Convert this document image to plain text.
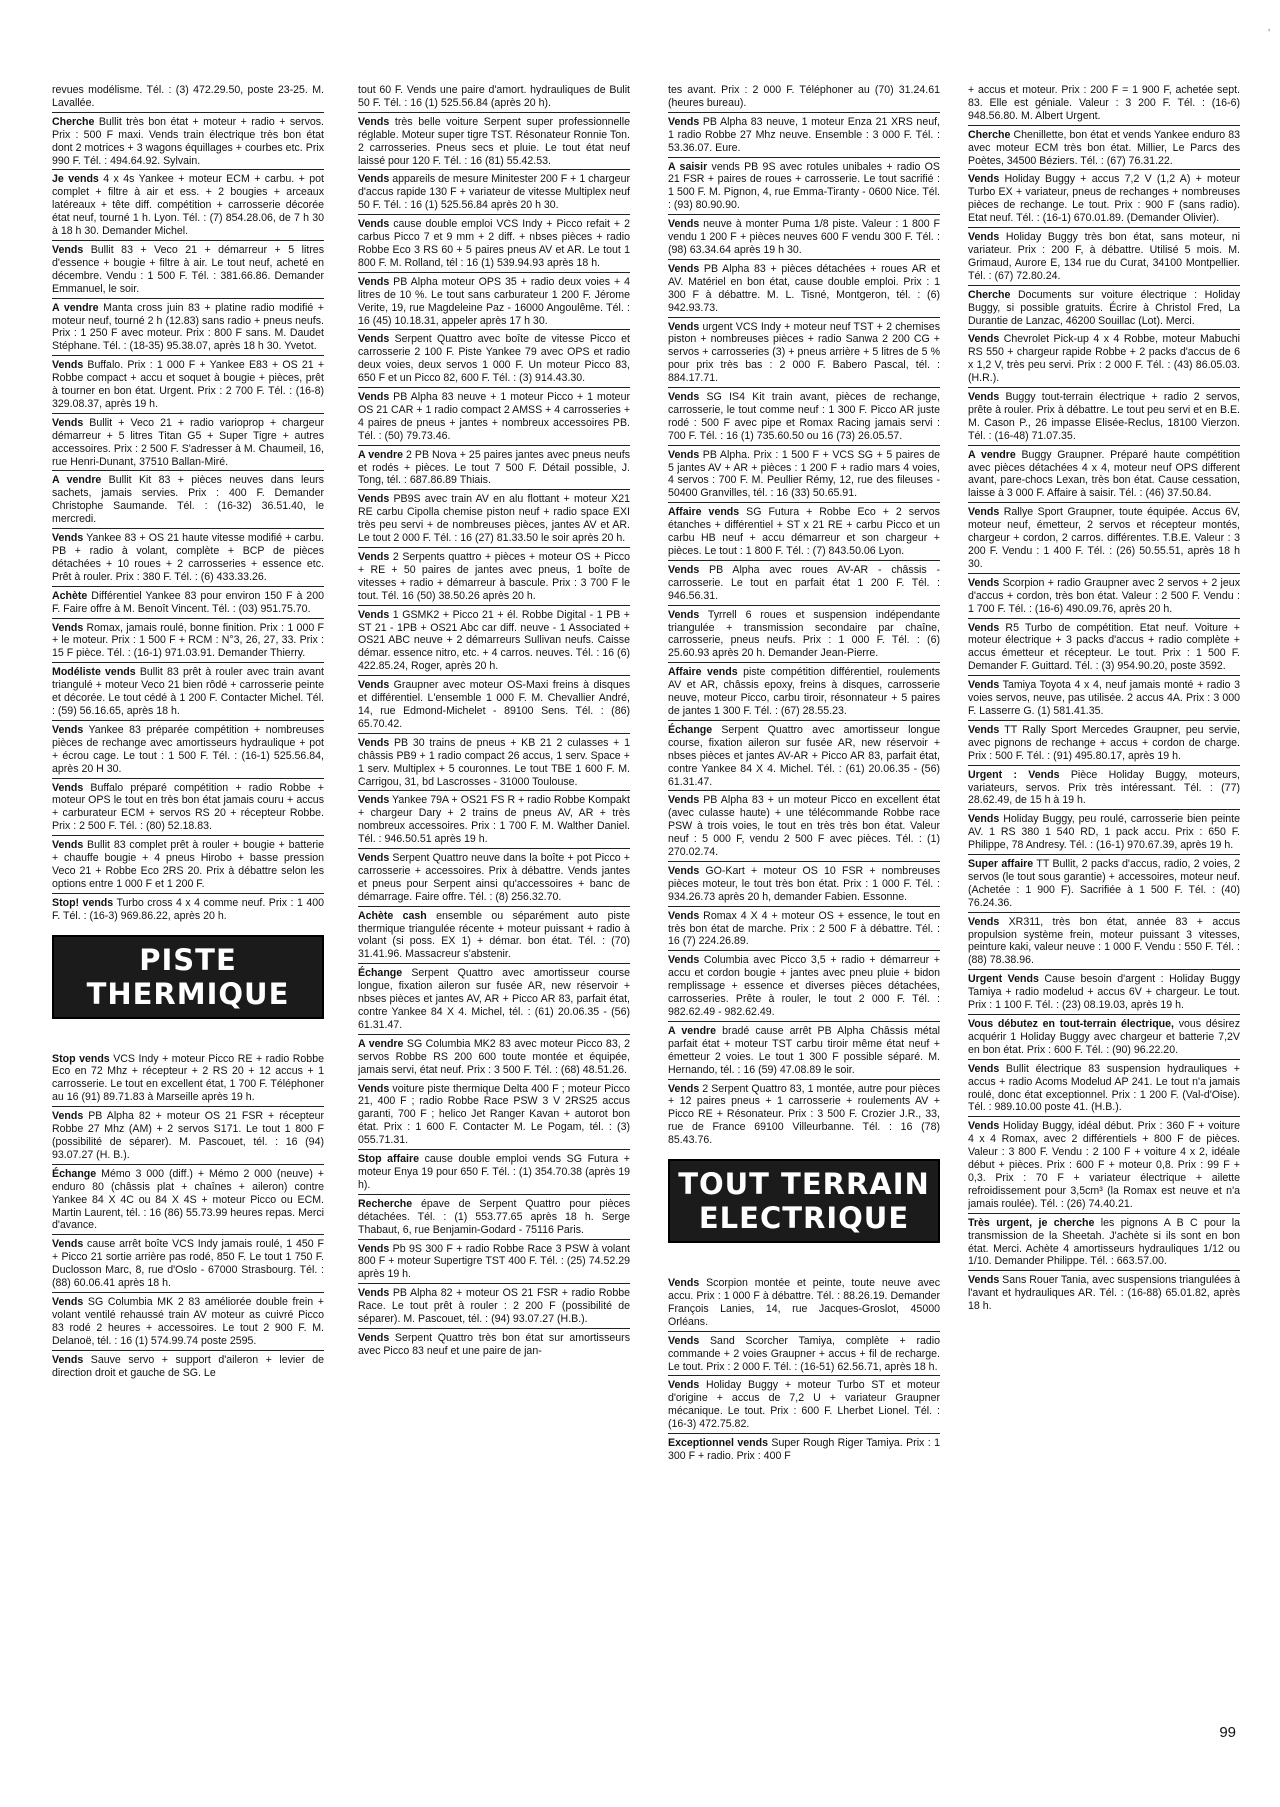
'
revues modélisme. Tél. : (3) 472.29.50, poste 23-25. M. Lavallée.
Cherche Bullit très bon état + moteur + radio + servos. Prix : 500 F maxi. Vends train électrique très bon état dont 2 motrices + 3 wagons équillages + courbes etc. Prix 990 F. Tél. : 494.64.92. Sylvain.
Je vends 4 x 4s Yankee + moteur ECM + carbu. + pot complet + filtre à air et ess. + 2 bougies + arceaux latéreaux + tête diff. compétition + carrosserie décorée état neuf, tourné 1 h. Lyon. Tél. : (7) 854.28.06, de 7 h 30 à 18 h 30. Demander Michel.
Vends Bullit 83 + Veco 21 + démarreur + 5 litres d'essence + bougie + filtre à air. Le tout neuf, acheté en décembre. Vendu : 1 500 F. Tél. : 381.66.86. Demander Emmanuel, le soir.
A vendre Manta cross juin 83 + platine radio modifié + moteur neuf, tourné 2 h (12.83) sans radio + pneus neufs. Prix : 1 250 F avec moteur. Prix : 800 F sans. M. Daudet Stéphane. Tél. : (18-35) 95.38.07, après 18 h 30. Yvetot.
Vends Buffalo. Prix : 1 000 F + Yankee E83 + OS 21 + Robbe compact + accu et soquet à bougie + pièces, prêt à tourner en bon état. Urgent. Prix : 2 700 F. Tél. : (16-8) 329.08.37, après 19 h.
Vends Bullit + Veco 21 + radio varioprop + chargeur démarreur + 5 litres Titan G5 + Super Tigre + autres accessoires. Prix : 2 500 F. S'adresser à M. Chaumeil, 16, rue Henri-Dunant, 37510 Ballan-Miré.
A vendre Bullit Kit 83 + pièces neuves dans leurs sachets, jamais servies. Prix : 400 F. Demander Christophe Saumande. Tél. : (16-32) 36.51.40, le mercredi.
Vends Yankee 83 + OS 21 haute vitesse modifié + carbu. PB + radio à volant, complète + BCP de pièces détachées + 10 roues + 2 carrosseries + essence etc. Prêt à rouler. Prix : 380 F. Tél. : (6) 433.33.26.
Achète Différentiel Yankee 83 pour environ 150 F à 200 F. Faire offre à M. Benoît Vincent. Tél. : (03) 951.75.70.
Vends Romax, jamais roulé, bonne finition. Prix : 1 000 F + le moteur. Prix : 1 500 F + RCM : N°3, 26, 27, 33. Prix : 15 F pièce. Tél. : (16-1) 971.03.91. Demander Thierry.
Modéliste vends Bullit 83 prêt à rouler avec train avant triangulé + moteur Veco 21 bien rôdé + carrosserie peinte et décorée. Le tout cédé à 1 200 F. Contacter Michel. Tél. : (59) 56.16.65, après 18 h.
Vends Yankee 83 préparée compétition + nombreuses pièces de rechange avec amortisseurs hydraulique + pot + écrou cage. Le tout : 1 500 F. Tél. : (16-1) 525.56.84, après 20 H 30.
Vends Buffalo préparé compétition + radio Robbe + moteur OPS le tout en très bon état jamais couru + accus + carburateur ECM + servos RS 20 + récepteur Robbe. Prix : 2 500 F. Tél. : (80) 52.18.83.
Vends Bullit 83 complet prêt à rouler + bougie + batterie + chauffe bougie + 4 pneus Hirobo + basse pression Veco 21 + Robbe Eco 2RS 20. Prix à débattre selon les options entre 1 000 F et 1 200 F.
Stop! vends Turbo cross 4 x 4 comme neuf. Prix : 1 400 F. Tél. : (16-3) 969.86.22, après 20 h.
PISTE
THERMIQUE
Stop vends VCS Indy + moteur Picco RE + radio Robbe Eco en 72 Mhz + récepteur + 2 RS 20 + 12 accus + 1 carrosserie. Le tout en excellent état, 1 700 F. Téléphoner au 16 (91) 89.71.83 à Marseille après 19 h.
Vends PB Alpha 82 + moteur OS 21 FSR + récepteur Robbe 27 Mhz (AM) + 2 servos S171. Le tout 1 800 F (possibilité de séparer). M. Pascouet, tél. : 16 (94) 93.07.27 (H. B.).
Échange Mémo 3 000 (diff.) + Mémo 2 000 (neuve) + enduro 80 (châssis plat + chaînes + aileron) contre Yankee 84 X 4C ou 84 X 4S + moteur Picco ou ECM. Martin Laurent, tél. : 16 (86) 55.73.99 heures repas. Merci d'avance.
Vends cause arrêt boîte VCS Indy jamais roulé, 1 450 F + Picco 21 sortie arrière pas rodé, 850 F. Le tout 1 750 F. Duclosson Marc, 8, rue d'Oslo - 67000 Strasbourg. Tél. : (88) 60.06.41 après 18 h.
Vends SG Columbia MK 2 83 améliorée double frein + volant ventilé rehaussé train AV moteur as cuivré Picco 83 rodé 2 heures + accessoires. Le tout 2 900 F. M. Delanoë, tél. : 16 (1) 574.99.74 poste 2595.
Vends Sauve servo + support d'aileron + levier de direction droit et gauche de SG. Le
tout 60 F. Vends une paire d'amort. hydrauliques de Bulit 50 F. Tél. : 16 (1) 525.56.84 (après 20 h).
Vends très belle voiture Serpent super professionnelle réglable. Moteur super tigre TST. Résonateur Ronnie Ton. 2 carrosseries. Pneus secs et pluie. Le tout état neuf laissé pour 120 F. Tél. : 16 (81) 55.42.53.
Vends appareils de mesure Minitester 200 F + 1 chargeur d'accus rapide 130 F + variateur de vitesse Multiplex neuf 50 F. Tél. : 16 (1) 525.56.84 après 20 h 30.
Vends cause double emploi VCS Indy + Picco refait + 2 carbus Picco 7 et 9 mm + 2 diff. + nbses pièces + radio Robbe Eco 3 RS 60 + 5 paires pneus AV et AR. Le tout 1 800 F. M. Rolland, tél : 16 (1) 539.94.93 après 18 h.
Vends PB Alpha moteur OPS 35 + radio deux voies + 4 litres de 10 %. Le tout sans carburateur 1 200 F. Jérome Verite, 19, rue Magdeleine Paz - 16000 Angoulême. Tél. : 16 (45) 10.18.31, appeler après 17 h 30.
Vends Serpent Quattro avec boîte de vitesse Picco et carrosserie 2 100 F. Piste Yankee 79 avec OPS et radio deux voies, deux servos 1 000 F. Un moteur Picco 83, 650 F et un Picco 82, 600 F. Tél. : (3) 914.43.30.
Vends PB Alpha 83 neuve + 1 moteur Picco + 1 moteur OS 21 CAR + 1 radio compact 2 AMSS + 4 carrosseries + 4 paires de pneus + jantes + nombreux accessoires PB. Tél. : (50) 79.73.46.
A vendre 2 PB Nova + 25 paires jantes avec pneus neufs et rodés + pièces. Le tout 7 500 F. Détail possible, J. Tong, tél. : 687.86.89 Thiais.
Vends PB9S avec train AV en alu flottant + moteur X21 RE carbu Cipolla chemise piston neuf + radio space EXI très peu servi + de nombreuses pièces, jantes AV et AR. Le tout 2 000 F. Tél. : 16 (27) 81.33.50 le soir après 20 h.
Vends 2 Serpents quattro + pièces + moteur OS + Picco + RE + 50 paires de jantes avec pneus, 1 boîte de vitesses + radio + démarreur à bascule. Prix : 3 700 F le tout. Tél. 16 (50) 38.50.26 après 20 h.
Vends 1 GSMK2 + Picco 21 + él. Robbe Digital - 1 PB + ST 21 - 1PB + OS21 Abc car diff. neuve - 1 Associated + OS21 ABC neuve + 2 démarreurs Sullivan neufs. Caisse démar. essence nitro, etc. + 4 carros. neuves. Tél. : 16 (6) 422.85.24, Roger, après 20 h.
Vends Graupner avec moteur OS-Maxi freins à disques et différentiel. L'ensemble 1 000 F. M. Chevallier André, 14, rue Edmond-Michelet - 89100 Sens. Tél. : (86) 65.70.42.
Vends PB 30 trains de pneus + KB 21 2 culasses + 1 châssis PB9 + 1 radio compact 26 accus, 1 serv. Space + 1 serv. Multiplex + 5 couronnes. Le tout TBE 1 600 F. M. Carrigou, 31, bd Lascrosses - 31000 Toulouse.
Vends Yankee 79A + OS21 FS R + radio Robbe Kompakt + chargeur Dary + 2 trains de pneus AV, AR + très nombreux accessoires. Prix : 1 700 F. M. Walther Daniel. Tél. : 946.50.51 après 19 h.
Vends Serpent Quattro neuve dans la boîte + pot Picco + carrosserie + accessoires. Prix à débattre. Vends jantes et pneus pour Serpent ainsi qu'accessoires + banc de démarrage. Faire offre. Tél. : (8) 256.32.70.
Achète cash ensemble ou séparément auto piste thermique triangulée récente + moteur puissant + radio à volant (si poss. EX 1) + démar. bon état. Tél. : (70) 31.41.96. Massacreur s'abstenir.
Échange Serpent Quattro avec amortisseur course longue, fixation aileron sur fusée AR, new réservoir + nbses pièces et jantes AV, AR + Picco AR 83, parfait état, contre Yankee 84 X 4. Michel, tél. : (61) 20.06.35 - (56) 61.31.47.
A vendre SG Columbia MK2 83 avec moteur Picco 83, 2 servos Robbe RS 200 600 toute montée et équipée, jamais servi, état neuf. Prix : 3 500 F. Tél. : (68) 48.51.26.
Vends voiture piste thermique Delta 400 F ; moteur Picco 21, 400 F ; radio Robbe Race PSW 3 V 2RS25 accus garanti, 700 F ; helico Jet Ranger Kavan + autorot bon état. Prix : 1 600 F. Contacter M. Le Pogam, tél. : (3) 055.71.31.
Stop affaire cause double emploi vends SG Futura + moteur Enya 19 pour 650 F. Tél. : (1) 354.70.38 (après 19 h).
Recherche épave de Serpent Quattro pour pièces détachées. Tél. : (1) 553.77.65 après 18 h. Serge Thabaut, 6, rue Benjamin-Godard - 75116 Paris.
Vends Pb 9S 300 F + radio Robbe Race 3 PSW à volant 800 F + moteur Supertigre TST 400 F. Tél. : (25) 74.52.29 après 19 h.
Vends PB Alpha 82 + moteur OS 21 FSR + radio Robbe Race. Le tout prêt à rouler : 2 200 F (possibilité de séparer). M. Pascouet, tél. : (94) 93.07.27 (H.B.).
Vends Serpent Quattro très bon état sur amortisseurs avec Picco 83 neuf et une paire de jan-
tes avant. Prix : 2 000 F. Téléphoner au (70) 31.24.61 (heures bureau).
Vends PB Alpha 83 neuve, 1 moteur Enza 21 XRS neuf, 1 radio Robbe 27 Mhz neuve. Ensemble : 3 000 F. Tél. : 53.36.07. Eure.
A saisir vends PB 9S avec rotules unibales + radio OS 21 FSR + paires de roues + carrosserie. Le tout sacrifié : 1 500 F. M. Pignon, 4, rue Emma-Tiranty - 0600 Nice. Tél. : (93) 80.90.90.
Vends neuve à monter Puma 1/8 piste. Valeur : 1 800 F vendu 1 200 F + pièces neuves 600 F vendu 300 F. Tél. : (98) 63.34.64 après 19 h 30.
Vends PB Alpha 83 + pièces détachées + roues AR et AV. Matériel en bon état, cause double emploi. Prix : 1 300 F à débattre. M. L. Tisné, Montgeron, tél. : (6) 942.93.73.
Vends urgent VCS Indy + moteur neuf TST + 2 chemises piston + nombreuses pièces + radio Sanwa 2 200 CG + servos + carrosseries (3) + pneus arrière + 5 litres de 5 % pour prix très bas : 2 000 F. Babero Pascal, tél. : 884.17.71.
Vends SG IS4 Kit train avant, pièces de rechange, carrosserie, le tout comme neuf : 1 300 F. Picco AR juste rodé : 500 F avec pipe et Romax Racing jamais servi : 700 F. Tél. : 16 (1) 735.60.50 ou 16 (73) 26.05.57.
Vends PB Alpha. Prix : 1 500 F + VCS SG + 5 paires de 5 jantes AV + AR + pièces : 1 200 F + radio mars 4 voies, 4 servos : 700 F. M. Peullier Rémy, 12, rue des fileuses - 50400 Granvilles, tél. : 16 (33) 50.65.91.
Affaire vends SG Futura + Robbe Eco + 2 servos étanches + différentiel + ST x 21 RE + carbu Picco et un carbu HB neuf + accu démarreur et son chargeur + pièces. Le tout : 1 800 F. Tél. : (7) 843.50.06 Lyon.
Vends PB Alpha avec roues AV-AR - châssis - carrosserie. Le tout en parfait état 1 200 F. Tél. : 946.56.31.
Vends Tyrrell 6 roues et suspension indépendante triangulée + transmission secondaire par chaîne, carrosserie, pneus neufs. Prix : 1 000 F. Tél. : (6) 25.60.93 après 20 h. Demander Jean-Pierre.
Affaire vends piste compétition différentiel, roulements AV et AR, châssis epoxy, freins à disques, carrosserie neuve, moteur Picco, carbu tiroir, résonnateur + 5 paires de jantes 1 300 F. Tél. : (67) 28.55.23.
Échange Serpent Quattro avec amortisseur longue course, fixation aileron sur fusée AR, new réservoir + nbses pièces et jantes AV-AR + Picco AR 83, parfait état, contre Yankee 84 X 4. Michel. Tél. : (61) 20.06.35 - (56) 61.31.47.
Vends PB Alpha 83 + un moteur Picco en excellent état (avec culasse haute) + une télécommande Robbe race PSW à trois voies, le tout en très très bon état. Valeur neuf : 5 000 F, vendu 2 500 F avec pièces. Tél. : (1) 270.02.74.
Vends GO-Kart + moteur OS 10 FSR + nombreuses pièces moteur, le tout très bon état. Prix : 1 000 F. Tél. : 934.26.73 après 20 h, demander Fabien. Essonne.
Vends Romax 4 X 4 + moteur OS + essence, le tout en très bon état de marche. Prix : 2 500 F à débattre. Tél. : 16 (7) 224.26.89.
Vends Columbia avec Picco 3,5 + radio + démarreur + accu et cordon bougie + jantes avec pneu pluie + bidon remplissage + essence et diverses pièces détachées, carrosseries. Prête à rouler, le tout 2 000 F. Tél. : 982.62.49 - 982.62.49.
A vendre bradé cause arrêt PB Alpha Châssis métal parfait état + moteur TST carbu tiroir même état neuf + émetteur 2 voies. Le tout 1 300 F possible séparé. M. Hernando, tél. : 16 (59) 47.08.89 le soir.
Vends 2 Serpent Quattro 83, 1 montée, autre pour pièces + 12 paires pneus + 1 carrosserie + roulements AV + Picco RE + Résonateur. Prix : 3 500 F. Crozier J.R., 33, rue de France 69100 Villeurbanne. Tél. : 16 (78) 85.43.76.
TOUT TERRAIN
ELECTRIQUE
Vends Scorpion montée et peinte, toute neuve avec accu. Prix : 1 000 F à débattre. Tél. : 88.26.19. Demander François Lanies, 14, rue Jacques-Groslot, 45000 Orléans.
Vends Sand Scorcher Tamiya, complète + radio commande + 2 voies Graupner + accus + fil de recharge. Le tout. Prix : 2 000 F. Tél. : (16-51) 62.56.71, après 18 h.
Vends Holiday Buggy + moteur Turbo ST et moteur d'origine + accus de 7,2 U + variateur Graupner mécanique. Le tout. Prix : 600 F. Lherbet Lionel. Tél. : (16-3) 472.75.82.
Exceptionnel vends Super Rough Riger Tamiya. Prix : 1 300 F + radio. Prix : 400 F
+ accus et moteur. Prix : 200 F = 1 900 F, achetée sept. 83. Elle est géniale. Valeur : 3 200 F. Tél. : (16-6) 948.56.80. M. Albert Urgent.
Cherche Chenillette, bon état et vends Yankee enduro 83 avec moteur ECM très bon état. Millier, Le Parcs des Poètes, 34500 Béziers. Tél. : (67) 76.31.22.
Vends Holiday Buggy + accus 7,2 V (1,2 A) + moteur Turbo EX + variateur, pneus de rechanges + nombreuses pièces de rechange. Le tout. Prix : 900 F (sans radio). Etat neuf. Tél. : (16-1) 670.01.89. (Demander Olivier).
Vends Holiday Buggy très bon état, sans moteur, ni variateur. Prix : 200 F, à débattre. Utilisé 5 mois. M. Grimaud, Aurore E, 134 rue du Curat, 34100 Montpellier. Tél. : (67) 72.80.24.
Cherche Documents sur voiture électrique : Holiday Buggy, si possible gratuits. Écrire à Christol Fred, La Durantie de Lanzac, 46200 Souillac (Lot). Merci.
Vends Chevrolet Pick-up 4 x 4 Robbe, moteur Mabuchi RS 550 + chargeur rapide Robbe + 2 packs d'accus de 6 x 1,2 V, très peu servi. Prix : 2 000 F. Tél. : (43) 86.05.03. (H.R.).
Vends Buggy tout-terrain électrique + radio 2 servos, prête à rouler. Prix à débattre. Le tout peu servi et en B.E. M. Cason P., 26 impasse Elisée-Reclus, 18100 Vierzon. Tél. : (16-48) 71.07.35.
A vendre Buggy Graupner. Préparé haute compétition avec pièces détachées 4 x 4, moteur neuf OPS different avant, pare-chocs Lexan, très bon état. Cause cessation, laisse à 3 000 F. Affaire à saisir. Tél. : (46) 37.50.84.
Vends Rallye Sport Graupner, toute équipée. Accus 6V, moteur neuf, émetteur, 2 servos et récepteur montés, chargeur + cordon, 2 carros. différentes. T.B.E. Valeur : 3 200 F. Vendu : 1 400 F. Tél. : (26) 50.55.51, après 18 h 30.
Vends Scorpion + radio Graupner avec 2 servos + 2 jeux d'accus + cordon, très bon état. Valeur : 2 500 F. Vendu : 1 700 F. Tél. : (16-6) 490.09.76, après 20 h.
Vends R5 Turbo de compétition. Etat neuf. Voiture + moteur électrique + 3 packs d'accus + radio complète + accus émetteur et récepteur. Le tout. Prix : 1 500 F. Demander F. Guittard. Tél. : (3) 954.90.20, poste 3592.
Vends Tamiya Toyota 4 x 4, neuf jamais monté + radio 3 voies servos, neuve, pas utilisée. 2 accus 4A. Prix : 3 000 F. Lasserre G. (1) 581.41.35.
Vends TT Rally Sport Mercedes Graupner, peu servie, avec pignons de rechange + accus + cordon de charge. Prix : 500 F. Tél. : (91) 495.80.17, après 19 h.
Urgent : Vends Pièce Holiday Buggy, moteurs, variateurs, servos. Prix très intéressant. Tél. : (77) 28.62.49, de 15 h à 19 h.
Vends Holiday Buggy, peu roulé, carrosserie bien peinte AV. 1 RS 380 1 540 RD, 1 pack accu. Prix : 650 F. Philippe, 78 Andresy. Tél. : (16-1) 970.67.39, après 19 h.
Super affaire TT Bullit, 2 packs d'accus, radio, 2 voies, 2 servos (le tout sous garantie) + accessoires, moteur neuf. (Achetée : 1 900 F). Sacrifiée à 1 500 F. Tél. : (40) 76.24.36.
Vends XR311, très bon état, année 83 + accus propulsion système frein, moteur puissant 3 vitesses, peinture kaki, valeur neuve : 1 000 F. Vendu : 550 F. Tél. : (88) 78.38.96.
Urgent Vends Cause besoin d'argent : Holiday Buggy Tamiya + radio modelud + accus 6V + chargeur. Le tout. Prix : 1 100 F. Tél. : (23) 08.19.03, après 19 h.
Vous débutez en tout-terrain électrique, vous désirez acquérir 1 Holiday Buggy avec chargeur et batterie 7,2V en bon état. Prix : 600 F. Tél. : (90) 96.22.20.
Vends Bullit électrique 83 suspension hydrauliques + accus + radio Acoms Modelud AP 241. Le tout n'a jamais roulé, donc état exceptionnel. Prix : 1 200 F. (Val-d'Oise). Tél. : 989.10.00 poste 41. (H.B.).
Vends Holiday Buggy, idéal début. Prix : 360 F + voiture 4 x 4 Romax, avec 2 différentiels + 800 F de pièces. Valeur : 3 800 F. Vendu : 2 100 F + voiture 4 x 2, idéale début + pièces. Prix : 600 F + moteur 0,8. Prix : 99 F + 0,3. Prix : 70 F + variateur électrique + ailette refroidissement pour 3,5cm³ (la Romax est neuve et n'a jamais roulée). Tél. : (26) 74.40.21.
Très urgent, je cherche les pignons A B C pour la transmission de la Sheetah. J'achète si ils sont en bon état. Merci. Achète 4 amortisseurs hydrauliques 1/12 ou 1/10. Demander Philippe. Tél. : 663.57.00.
Vends Sans Rouer Tania, avec suspensions triangulées à l'avant et hydrauliques AR. Tél. : (16-88) 65.01.82, après 18 h.
99
